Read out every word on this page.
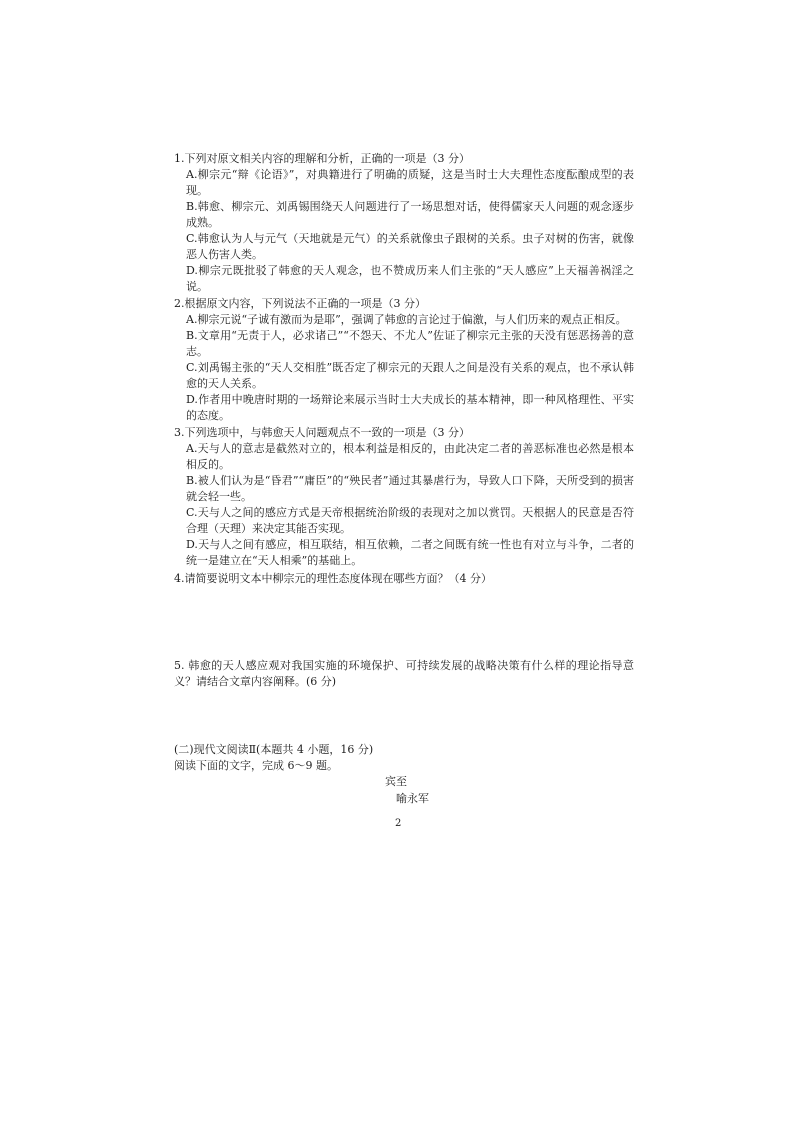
1.下列对原文相关内容的理解和分析，正确的一项是（3 分）
A.柳宗元“辩《论语》”，对典籍进行了明确的质疑，这是当时士大夫理性态度酝酿成型的表现。
B.韩愈、柳宗元、刘禹锡围绕天人问题进行了一场思想对话，使得儒家天人问题的观念逐步成熟。
C.韩愈认为人与元气（天地就是元气）的关系就像虫子跟树的关系。虫子对树的伤害，就像恶人伤害人类。
D.柳宗元既批驳了韩愈的天人观念，也不赞成历来人们主张的“天人感应”上天福善祸淫之说。
2.根据原文内容，下列说法不正确的一项是（3 分）
A.柳宗元说“子诚有激而为是耶”，强调了韩愈的言论过于偏激，与人们历来的观点正相反。
B.文章用“无责于人，必求诸己”“不怨天、不尤人”佐证了柳宗元主张的天没有惩恶扬善的意志。
C.刘禹锡主张的“天人交相胜”既否定了柳宗元的天跟人之间是没有关系的观点，也不承认韩愈的天人关系。
D.作者用中晚唐时期的一场辩论来展示当时士大夫成长的基本精神，即一种风格理性、平实的态度。
3.下列选项中，与韩愈天人问题观点不一致的一项是（3 分）
A.天与人的意志是截然对立的，根本利益是相反的，由此决定二者的善恶标准也必然是根本相反的。
B.被人们认为是“昏君”“庸臣”的“殃民者”通过其暴虐行为，导致人口下降，天所受到的损害就会轻一些。
C.天与人之间的感应方式是天帝根据统治阶级的表现对之加以赏罚。天根据人的民意是否符合理（天理）来决定其能否实现。
D.天与人之间有感应，相互联结，相互依赖，二者之间既有统一性也有对立与斗争，二者的统一是建立在“天人相乘”的基础上。
4.请简要说明文本中柳宗元的理性态度体现在哪些方面？（4 分）
5. 韩愈的天人感应观对我国实施的环境保护、可持续发展的战略决策有什么样的理论指导意义？请结合文章内容阐释。(6 分)
(二)现代文阅读Ⅱ(本题共 4 小题，16 分)
阅读下面的文字，完成 6～9 题。
宾至
喻永军
2
